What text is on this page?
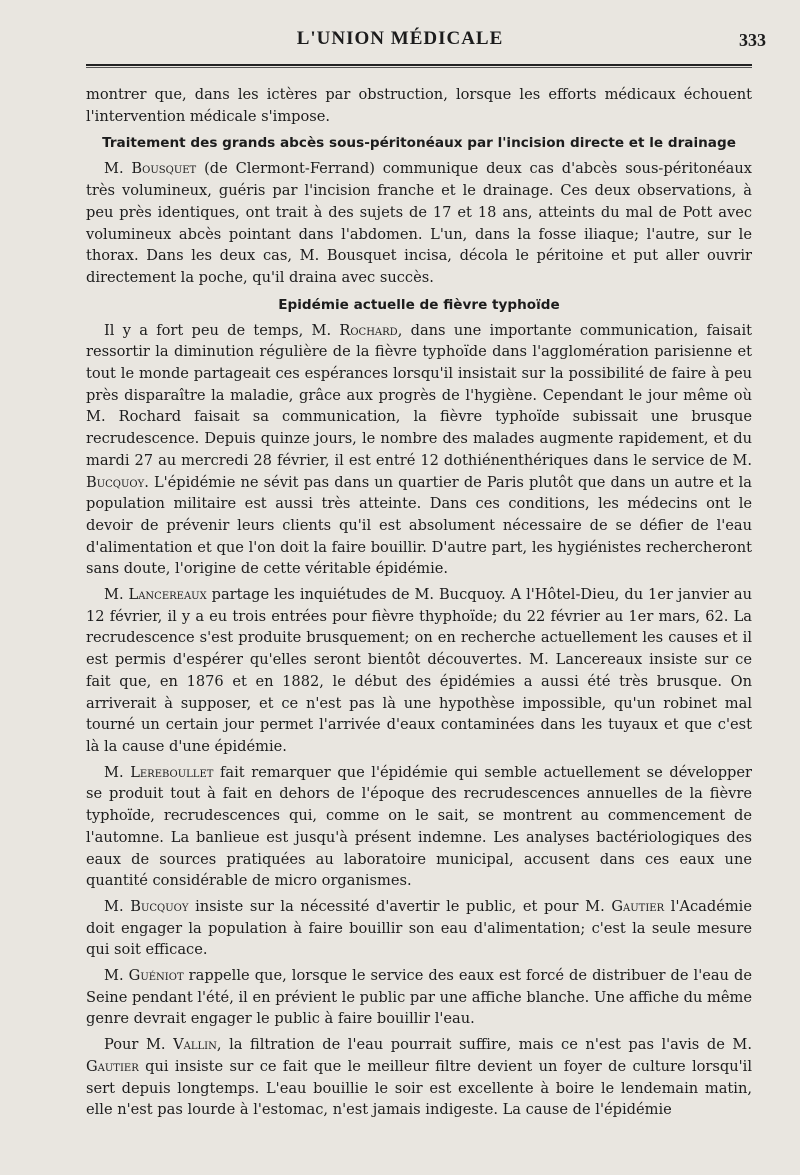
L'UNION MÉDICALE	333

montrer que, dans les ictères par obstruction, lorsque les efforts médicaux échouent l'intervention médicale s'impose.

Traitement des grands abcès sous-péritonéaux par l'incision directe et le drainage

M. Bousquet (de Clermont-Ferrand) communique deux cas d'abcès sous-péritonéaux très volumineux, guéris par l'incision franche et le drainage. Ces deux observations, à peu près identiques, ont trait à des sujets de 17 et 18 ans, atteints du mal de Pott avec volumineux abcès pointant dans l'abdomen. L'un, dans la fosse iliaque; l'autre, sur le thorax. Dans les deux cas, M. Bousquet incisa, décola le péritoine et put aller ouvrir directement la poche, qu'il draina avec succès.

Epidémie actuelle de fièvre typhoïde

Il y a fort peu de temps, M. Rochard, dans une importante communication, faisait ressortir la diminution régulière de la fièvre typhoïde dans l'agglomération parisienne et tout le monde partageait ces espérances lorsqu'il insistait sur la possibilité de faire à peu près disparaître la maladie, grâce aux progrès de l'hygiène. Cependant le jour même où M. Rochard faisait sa communication, la fièvre typhoïde subissait une brusque recrudescence. Depuis quinze jours, le nombre des malades augmente rapidement, et du mardi 27 au mercredi 28 février, il est entré 12 dothiénenthériques dans le service de M. Bucquoy. L'épidémie ne sévit pas dans un quartier de Paris plutôt que dans un autre et la population militaire est aussi très atteinte. Dans ces conditions, les médecins ont le devoir de prévenir leurs clients qu'il est absolument nécessaire de se défier de l'eau d'alimentation et que l'on doit la faire bouillir. D'autre part, les hygiénistes rechercheront sans doute, l'origine de cette véritable épidémie.

M. Lancereaux partage les inquiétudes de M. Bucquoy. A l'Hôtel-Dieu, du 1er janvier au 12 février, il y a eu trois entrées pour fièvre thyphoïde; du 22 février au 1er mars, 62. La recrudescence s'est produite brusquement; on en recherche actuellement les causes et il est permis d'espérer qu'elles seront bientôt découvertes. M. Lancereaux insiste sur ce fait que, en 1876 et en 1882, le début des épidémies a aussi été très brusque. On arriverait à supposer, et ce n'est pas là une hypothèse impossible, qu'un robinet mal tourné un certain jour permet l'arrivée d'eaux contaminées dans les tuyaux et que c'est là la cause d'une épidémie.

M. Lereboullet fait remarquer que l'épidémie qui semble actuellement se développer se produit tout à fait en dehors de l'époque des recrudescences annuelles de la fièvre typhoïde, recrudescences qui, comme on le sait, se montrent au commencement de l'automne. La banlieue est jusqu'à présent indemne. Les analyses bactériologiques des eaux de sources pratiquées au laboratoire municipal, accusent dans ces eaux une quantité considérable de micro organismes.

M. Bucquoy insiste sur la nécessité d'avertir le public, et pour M. Gautier l'Académie doit engager la population à faire bouillir son eau d'alimentation; c'est la seule mesure qui soit efficace.

M. Guéniot rappelle que, lorsque le service des eaux est forcé de distribuer de l'eau de Seine pendant l'été, il en prévient le public par une affiche blanche. Une affiche du même genre devrait engager le public à faire bouillir l'eau.

Pour M. Vallin, la filtration de l'eau pourrait suffire, mais ce n'est pas l'avis de M. Gautier qui insiste sur ce fait que le meilleur filtre devient un foyer de culture lorsqu'il sert depuis longtemps. L'eau bouillie le soir est excellente à boire le lendemain matin, elle n'est pas lourde à l'estomac, n'est jamais indigeste. La cause de l'épidémie
